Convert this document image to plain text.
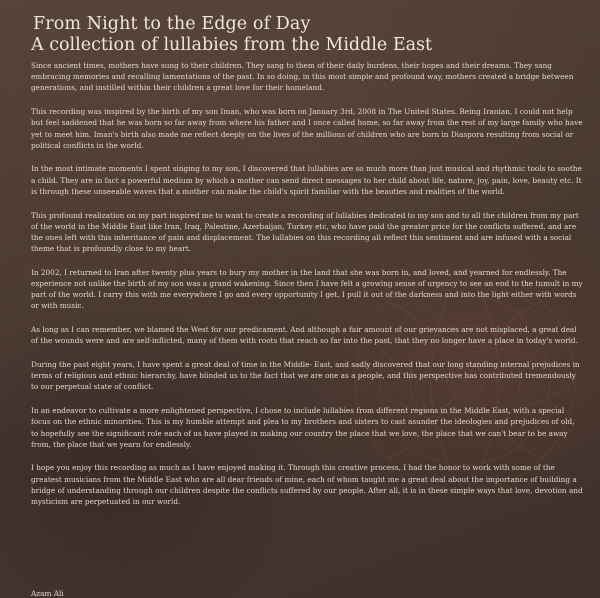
From Night to the Edge of Day
A collection of lullabies from the Middle East

Since ancient times, mothers have sung to their children. They sang to them of their daily burdens, their hopes and their dreams. They sang embracing memories and recalling lamentations of the past. In so doing, in this most simple and profound way, mothers created a bridge between generations, and instilled within their children a great love for their homeland.

This recording was inspired by the birth of my son Iman, who was born on January 3rd, 2008 in The United States. Being Iranian, I could not help but feel saddened that he was born so far away from where his father and I once called home, so far away from the rest of my large family who have yet to meet him. Iman's birth also made me reflect deeply on the lives of the millions of children who are born in Diaspora resulting from social or political conflicts in the world.

In the most intimate moments I spent singing to my son, I discovered that lullabies are so much more than just musical and rhythmic tools to soothe a child. They are in fact a powerful medium by which a mother can send direct messages to her child about life, nature, joy, pain, love, beauty etc. It is through these unseeable waves that a mother can make the child's spirit familiar with the beauties and realities of the world.

This profound realization on my part inspired me to want to create a recording of lullabies dedicated to my son and to all the children from my part of the world in the Middle East like Iran, Iraq, Palestine, Azerbaijan, Turkey etc, who have paid the greater price for the conflicts suffered, and are the ones left with this inheritance of pain and displacement. The lullabies on this recording all reflect this sentiment and are infused with a social theme that is profoundly close to my heart.

In 2002, I returned to Iran after twenty plus years to bury my mother in the land that she was born in, and loved, and yearned for endlessly. The experience not unlike the birth of my son was a grand wakening. Since then I have felt a growing sense of urgency to see an end to the tumult in my part of the world. I carry this with me everywhere I go and every opportunity I get, I pull it out of the darkness and into the light either with words or with music.

As long as I can remember, we blamed the West for our predicament. And although a fair amount of our grievances are not misplaced, a great deal of the wounds were and are self-inflicted, many of them with roots that reach so far into the past, that they no longer have a place in today's world.

During the past eight years, I have spent a great deal of time in the Middle- East, and sadly discovered that our long standing internal prejudices in terms of religious and ethnic hierarchy, have blinded us to the fact that we are one as a people, and this perspective has contributed tremendously to our perpetual state of conflict.

In an endeavor to cultivate a more enlightened perspective, I chose to include lullabies from different regions in the Middle East, with a special focus on the ethnic minorities. This is my humble attempt and plea to my brothers and sisters to cast asunder the ideologies and prejudices of old, to hopefully see the significant role each of us have played in making our country the place that we love, the place that we can't bear to be away from, the place that we yearn for endlessly.

I hope you enjoy this recording as much as I have enjoyed making it. Through this creative process, I had the honor to work with some of the greatest musicians from the Middle East who are all dear friends of mine, each of whom taught me a great deal about the importance of building a bridge of understanding through our children despite the conflicts suffered by our people. After all, it is in these simple ways that love, devotion and mysticism are perpetuated in our world.

Azam Ali
